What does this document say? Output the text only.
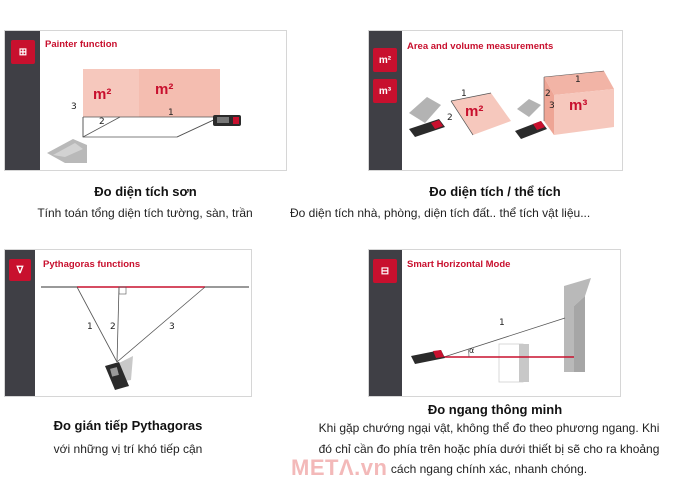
⊞
Painter function
m²	m²
1
2
3
Đo diện tích sơn
Tính toán tổng diện tích tường, sàn, trần
m²
m³
Area and volume measurements
m²	m³
1
2
1
2
3
Đo diện tích / thể tích
Đo diện tích nhà, phòng, diện tích đất.. thể tích vật liệu...
∇	Pythagoras functions
1 2	3
Đo gián tiếp Pythagoras
với những vị trí khó tiếp cận
⊟
Smart Horizontal Mode
1
α
Đo ngang thông minh
Khi gặp chướng ngại vật, không thể đo theo phương ngang. Khi
đó chỉ cần đo phía trên hoặc phía dưới thiết bị sẽ cho ra khoảng
cách ngang chính xác, nhanh chóng.
METΛ.vn
